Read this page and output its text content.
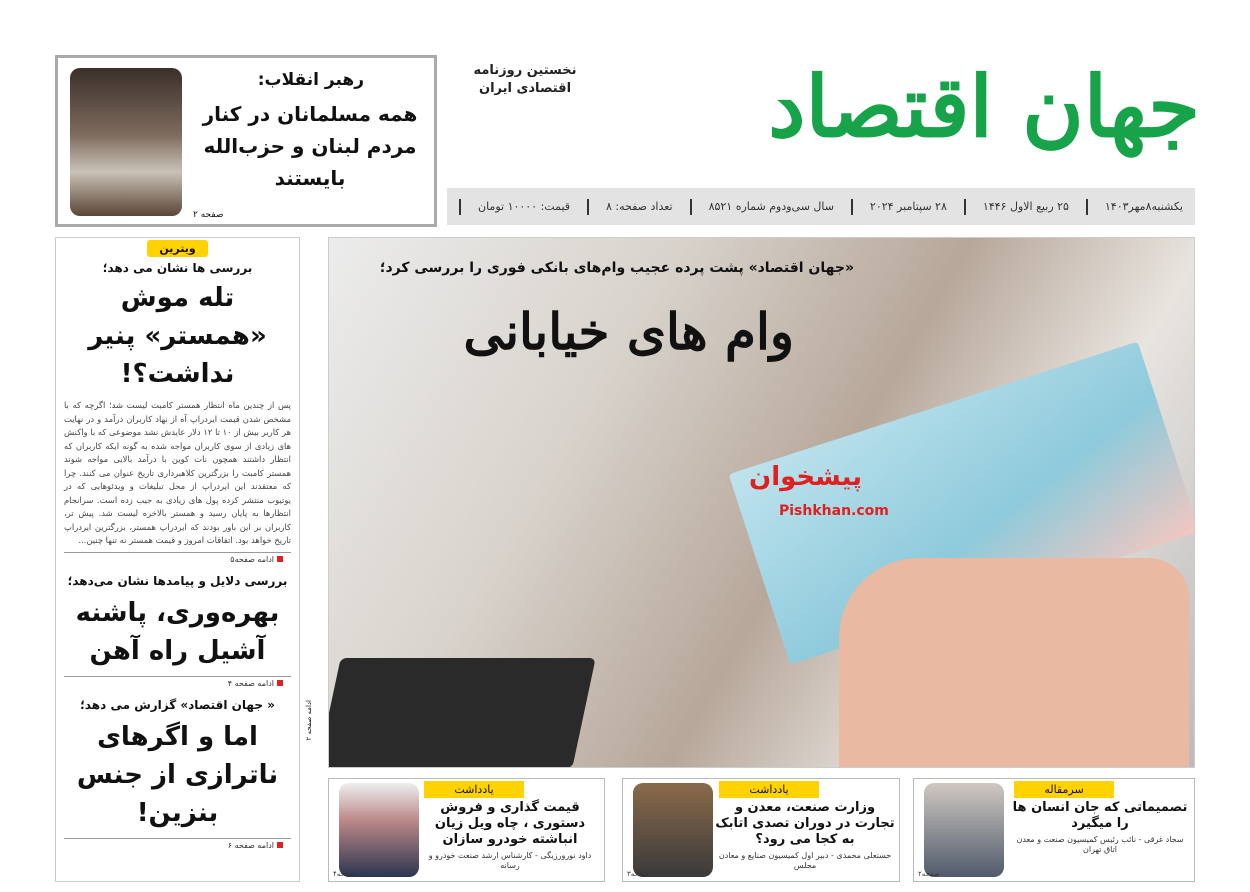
جهان اقتصاد
نخستین روزنامه اقتصادی ایران
یکشنبه۸مهر۱۴۰۳
۲۵ ربیع الاول ۱۴۴۶
۲۸ سپتامبر ۲۰۲۴
سال سی‌ودوم شماره ۸۵۲۱
تعداد صفحه: ۸
قیمت: ۱۰۰۰۰ تومان
رهبر انقلاب:
همه مسلمانان در کنار مردم لبنان و حزب‌الله بایستند
صفحه ۲
ویترین
بررسی ها نشان می دهد؛
تله موش «همستر» پنیر نداشت؟!
پس از چندین ماه انتظار همستر کامبت لیست شد؛ اگرچه که با مشخص شدن قیمت ایردراپ آه از نهاد کاربران درآمد و در نهایت هر کاربر بیش از ۱۰ تا ۱۲ دلار عایدش نشد موضوعی که با واکنش های زیادی از سوی کاربران مواجه شده به گونه ایکه کاربران که انتظار داشتند همچون نات کوین با درآمد بالایی مواجه شوند همستر کامبت را بزرگترین کلاهبرداری تاریخ عنوان می کنند. چرا که معتقدند این ایردراپ از محل تبلیغات و ویدئوهایی که در یوتیوب منتشر کرده پول های زیادی به جیب زده است. سرانجام انتظارها به پایان رسید و همستر بالاخره لیست شد. پیش تر، کاربران بر این باور بودند که ایردراپ همستر، بزرگترین ایردراپ تاریخ خواهد بود. اتفاقات امروز و قیمت همستر نه تنها چنین...
ادامه صفحه۵
بررسی دلایل و پیامدها نشان می‌دهد؛
بهره‌وری، پاشنه آشیل راه آهن
ادامه صفحه ۴
« جهان اقتصاد» گزارش می دهد؛
اما و اگرهای ناترازی از جنس بنزین!
ادامه صفحه ۶
ادامه صفحه ۲
«جهان اقتصاد» پشت پرده عجیب وام‌های بانکی فوری را بررسی کرد؛
وام های خیابانی
پیشخوان
Pishkhan.com
سرمقاله
تصمیماتی که جان انسان ها را میگیرد
سجاد غرقی - نائب رئیس کمیسیون صنعت و معدن اتاق تهران
صفحه۲
یادداشت
وزارت صنعت، معدن و تجارت در دوران تصدی اتابک به کجا می رود؟
حسنعلی محمدی - دبیر اول کمیسیون صنایع و معادن مجلس
صفحه۳
یادداشت
قیمت گذاری و فروش دستوری ، چاه ویل زیان انباشته خودرو سازان
داود نورورزیگی - کارشناس ارشد صنعت خودرو و رسانه
صفحه۴
